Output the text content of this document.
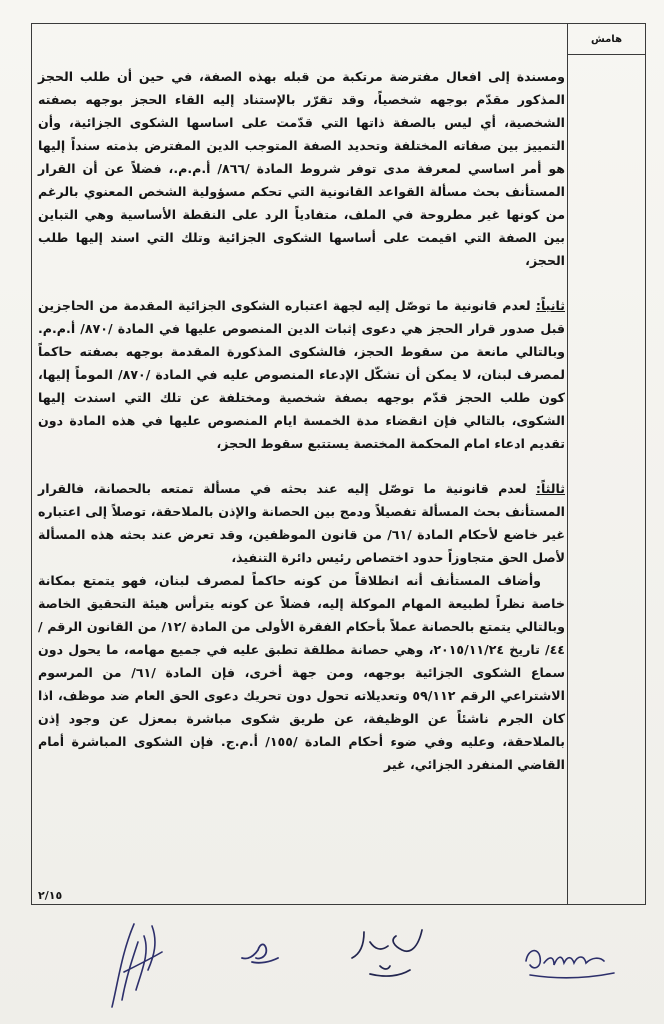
هامش

ومسندة إلى افعال مفترضة مرتكبة من قبله بهذه الصفة، في حين أن طلب الحجز المذكور مقدّم بوجهه شخصياً، وقد تقرّر بالإستناد إليه القاء الحجز بوجهه بصفته الشخصية، أي ليس بالصفة ذاتها التي قدّمت على اساسها الشكوى الجزائية، وأن التمييز بين صفاته المختلفة وتحديد الصفة المتوجب الدين المفترض بذمته سنداً إليها هو أمر اساسي لمعرفة مدى توفر شروط المادة ‎/٨٦٦/‎ أ.م.م.، فضلاً عن أن القرار المستأنف بحث مسألة القواعد القانونية التي تحكم مسؤولية الشخص المعنوي بالرغم من كونها غير مطروحة في الملف، متفادياً الرد على النقطة الأساسية وهي التباين بين الصفة التي اقيمت على أساسها الشكوى الجزائية وتلك التي اسند إليها طلب الحجز،

ثانياً: لعدم قانونية ما توصّل إليه لجهة اعتباره الشكوى الجزائية المقدمة من الحاجزين قبل صدور قرار الحجز هي دعوى إثبات الدين المنصوص عليها في المادة ‎/٨٧٠/‎ أ.م.م. وبالتالي مانعة من سقوط الحجز، فالشكوى المذكورة المقدمة بوجهه بصفته حاكماً لمصرف لبنان، لا يمكن أن تشكّل الإدعاء المنصوص عليه في المادة ‎/٨٧٠/‎ الموماً إليها، كون طلب الحجز قدّم بوجهه بصفة شخصية ومختلفة عن تلك التي اسندت إليها الشكوى، بالتالي فإن انقضاء مدة الخمسة ايام المنصوص عليها في هذه المادة دون تقديم ادعاء امام المحكمة المختصة يستتبع سقوط الحجز،

ثالثاً: لعدم قانونية ما توصّل إليه عند بحثه في مسألة تمتعه بالحصانة، فالقرار المستأنف بحث المسألة تفصيلاً ودمج بين الحصانة والإذن بالملاحقة، توصلاً إلى اعتباره غير خاضع لأحكام المادة ‎/٦١/‎ من قانون الموظفين، وقد تعرض عند بحثه هذه المسألة لأصل الحق متجاوزاً حدود اختصاص رئيس دائرة التنفيذ،

وأضاف المستأنف أنه انطلاقاً من كونه حاكماً لمصرف لبنان، فهو يتمتع بمكانة خاصة نظراً لطبيعة المهام الموكلة إليه، فضلاً عن كونه يترأس هيئة التحقيق الخاصة وبالتالي يتمتع بالحصانة عملاً بأحكام الفقرة الأولى من المادة ‎/١٢/‎ من القانون الرقم ‎/٤٤/‎ تاريخ ‎٢٠١٥/١١/٢٤‎، وهي حصانة مطلقة تطبق عليه في جميع مهامه، ما يحول دون سماع الشكوى الجزائية بوجهه، ومن جهة أخرى، فإن المادة ‎/٦١/‎ من المرسوم الاشتراعي الرقم ‎٥٩/١١٢‎ وتعديلاته تحول دون تحريك دعوى الحق العام ضد موظف، اذا كان الجرم ناشئاً عن الوظيفة، عن طريق شكوى مباشرة بمعزل عن وجود إذن بالملاحقة، وعليه وفي ضوء أحكام المادة ‎/١٥٥/‎ أ.م.ج. فإن الشكوى المباشرة أمام القاضي المنفرد الجزائي، غير

٢/١٥
